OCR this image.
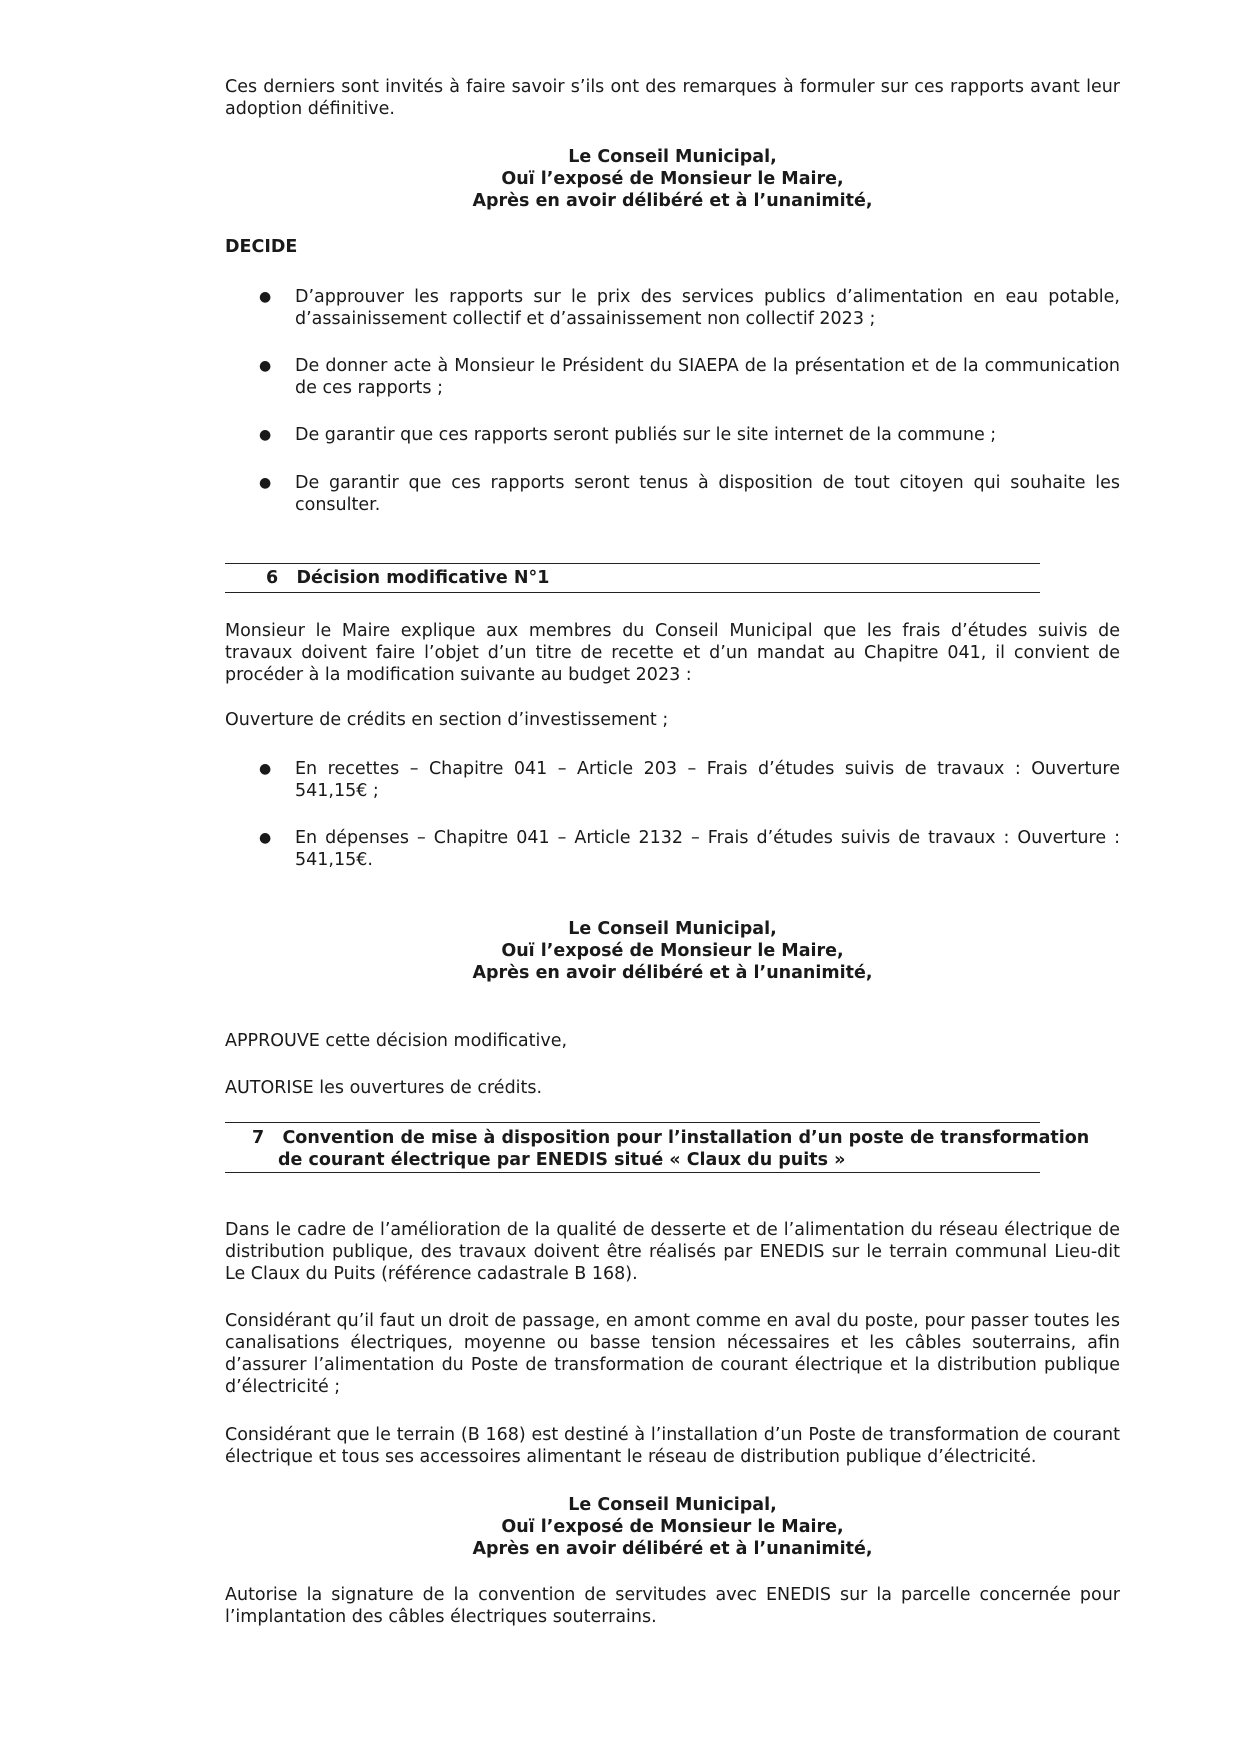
Ces derniers sont invités à faire savoir s’ils ont des remarques à formuler sur ces rapports avant leur adoption définitive.
Le Conseil Municipal,
Ouï l’exposé de Monsieur le Maire,
Après en avoir délibéré et à l’unanimité,
DECIDE
● D’approuver les rapports sur le prix des services publics d’alimentation en eau potable, d’assainissement collectif et d’assainissement non collectif 2023 ;
● De donner acte à Monsieur le Président du SIAEPA de la présentation et de la communication de ces rapports ;
● De garantir que ces rapports seront publiés sur le site internet de la commune ;
● De garantir que ces rapports seront tenus à disposition de tout citoyen qui souhaite les consulter.
6   Décision modificative N°1
Monsieur le Maire explique aux membres du Conseil Municipal que les frais d’études suivis de travaux doivent faire l’objet d’un titre de recette et d’un mandat au Chapitre 041, il convient de procéder à la modification suivante au budget 2023 :
Ouverture de crédits en section d’investissement ;
● En recettes – Chapitre 041 – Article 203 – Frais d’études suivis de travaux : Ouverture 541,15€ ;
● En dépenses – Chapitre 041 – Article 2132 – Frais d’études suivis de travaux : Ouverture : 541,15€.
Le Conseil Municipal,
Ouï l’exposé de Monsieur le Maire,
Après en avoir délibéré et à l’unanimité,
APPROUVE cette décision modificative,
AUTORISE les ouvertures de crédits.
7   Convention de mise à disposition pour l’installation d’un poste de transformation
de courant électrique par ENEDIS situé « Claux du puits »
Dans le cadre de l’amélioration de la qualité de desserte et de l’alimentation du réseau électrique de distribution publique, des travaux doivent être réalisés par ENEDIS sur le terrain communal Lieu-dit Le Claux du Puits (référence cadastrale B 168).
Considérant qu’il faut un droit de passage, en amont comme en aval du poste, pour passer toutes les canalisations électriques, moyenne ou basse tension nécessaires et les câbles souterrains, afin d’assurer l’alimentation du Poste de transformation de courant électrique et la distribution publique d’électricité ;
Considérant que le terrain (B 168) est destiné à l’installation d’un Poste de transformation de courant électrique et tous ses accessoires alimentant le réseau de distribution publique d’électricité.
Le Conseil Municipal,
Ouï l’exposé de Monsieur le Maire,
Après en avoir délibéré et à l’unanimité,
Autorise la signature de la convention de servitudes avec ENEDIS sur la parcelle concernée pour l’implantation des câbles électriques souterrains.
